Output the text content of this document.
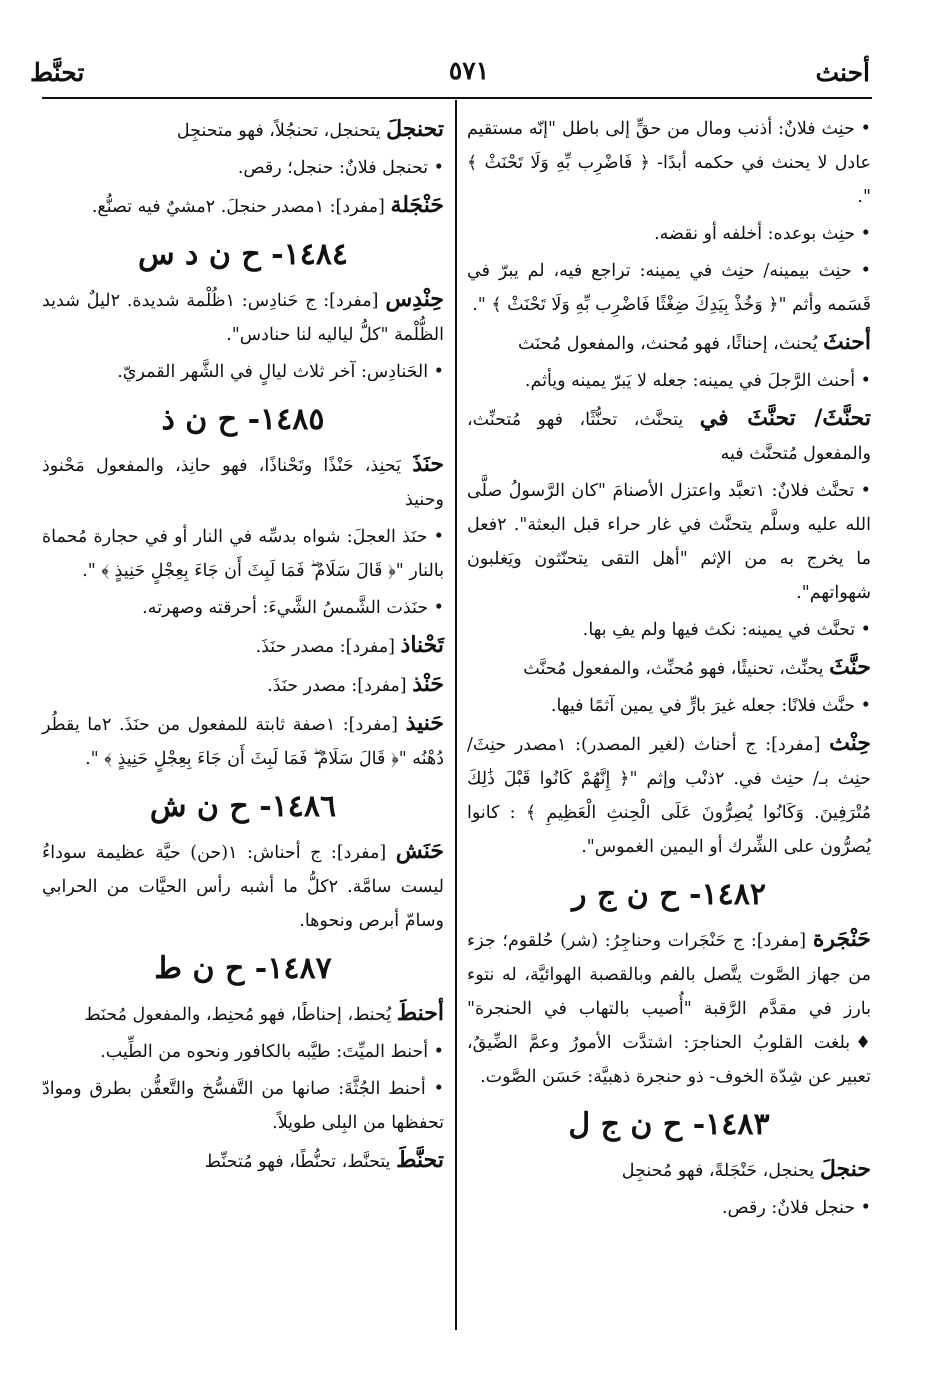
أحنث
٥٧١
تحنَّط

• حنِث فلانٌ: أذنب ومال من حقٍّ إلى باطل "إنّه مستقيم عادل لا يحنث في حكمه أبدًا- ﴿ فَاضْرِب بِّهِ وَلَا تَحْنَثْ ﴾ ".

• حنِث بوعده: أخلفه أو نقضه.

• حنِث بيمينه/ حنِث في يمينه: تراجع فيه، لم يبرّ في قَسَمه وأثم "﴿ وَخُذْ بِيَدِكَ ضِغْثًا فَاضْرِب بِّهِ وَلَا تَحْنَثْ ﴾ ".

أحنثَ يُحنث، إحناثًا، فهو مُحنث، والمفعول مُحنَث

• أحنث الرَّجلَ في يمينه: جعله لا يَبرّ يمينه ويأثم.

تحنَّثَ/ تحنَّثَ في يتحنَّث، تحنُّثًا، فهو مُتحنِّث، والمفعول مُتحنَّث فيه

• تحنَّث فلانٌ: ١تعبَّد واعتزل الأصنامَ "كان الرَّسولُ صلَّى الله عليه وسلَّم يتحنَّث في غار حراء قبل البعثة". ٢فعل ما يخرج به من الإثم "أهل التقى يتحنّثون ويَغلبون شهواتهم".

• تحنَّث في يمينه: نكث فيها ولم يفِ بها.

حنَّثَ يحنِّث، تحنيثًا، فهو مُحنِّث، والمفعول مُحنَّث

• حنَّث فلانًا: جعله غيرَ بارٍّ في يمين آثمًا فيها.

حِنْث [مفرد]: ج أحناث (لغير المصدر): ١مصدر حنِثَ/ حنِث بـ/ حنِث في. ٢ذنْب وإثم "﴿ إِنَّهُمْ كَانُوا قَبْلَ ذَٰلِكَ مُتْرَفِينَ. وَكَانُوا يُصِرُّونَ عَلَى الْحِنثِ الْعَظِيمِ ﴾ : كانوا يُصرُّون على الشِّرك أو اليمين الغموس".

١٤٨٢- ح ن ج ر

حَنْجَرة [مفرد]: ج حَنْجَرات وحناجِرُ: (شر) حُلقوم؛ جزء من جهاز الصَّوت يتَّصل بالفم وبالقصبة الهوائيَّة، له نتوء بارز في مقدَّم الرَّقبة "أُصيب بالتهاب في الحنجرة" ♦بلغت القلوبُ الحناجرَ: اشتدَّت الأمورُ وعمَّ الضِّيقُ، تعبير عن شِدّة الخوف- ذو حنجرة ذهبيَّة: حَسَن الصَّوت.

١٤٨٣- ح ن ج ل

حنجلَ يحنجل، حَنْجَلةً، فهو مُحنجِل

• حنجل فلانٌ: رقص.

تحنجلَ يتحنجل، تحنجُلاً، فهو متحنجِل

• تحنجل فلانٌ: حنجل؛ رقص.

حَنْجَلة [مفرد]: ١مصدر حنجلَ. ٢مشيٌ فيه تصنُّع.

١٤٨٤- ح ن د س

حِنْدِس [مفرد]: ج حَنادِس: ١ظُلْمة شديدة. ٢ليلٌ شديد الظُّلْمة "كلُّ لياليه لنا حنادس".

• الحَنادِس: آخر ثلاث ليالٍ في الشَّهر القمريّ.

١٤٨٥- ح ن ذ

حنَذَ يَحنِذ، حَنْذًا وتَحْناذًا، فهو حانِذ، والمفعول مَحْنوذ وحنيذ

• حنَذ العجلَ: شواه بدسِّه في النار أو في حجارة مُحماة بالنار "﴿ قَالَ سَلَامٌ ۖ فَمَا لَبِثَ أَن جَاءَ بِعِجْلٍ حَنِيذٍ ﴾ ".

• حنَذت الشَّمسُ الشَّيءَ: أحرقته وصهرته.

تَحْناذ [مفرد]: مصدر حنَذَ.

حَنْذ [مفرد]: مصدر حنَذَ.

حَنيذ [مفرد]: ١صفة ثابتة للمفعول من حنَذَ. ٢ما يقطُر دُهْنُه "﴿ قَالَ سَلَامٌ ۖ فَمَا لَبِثَ أَن جَاءَ بِعِجْلٍ حَنِيذٍ ﴾ ".

١٤٨٦- ح ن ش

حَنَش [مفرد]: ج أحناش: ١(حن) حيَّة عظيمة سوداءُ ليست سامَّة. ٢كلُّ ما أشبه رأس الحيَّات من الحرابي وسامّ أبرص ونحوها.

١٤٨٧- ح ن ط

أحنطَ يُحنط، إحناطًا، فهو مُحنِط، والمفعول مُحنَط

• أحنط الميِّتَ: طيَّبه بالكافور ونحوه من الطِّيب.

• أحنط الجُثَّةَ: صانها من التَّفسُّخ والتَّعفُّن بطرق وموادّ تحفظها من البِلى طويلاً.

تحنَّطَ يتحنَّط، تحنُّطًا، فهو مُتحنِّط
